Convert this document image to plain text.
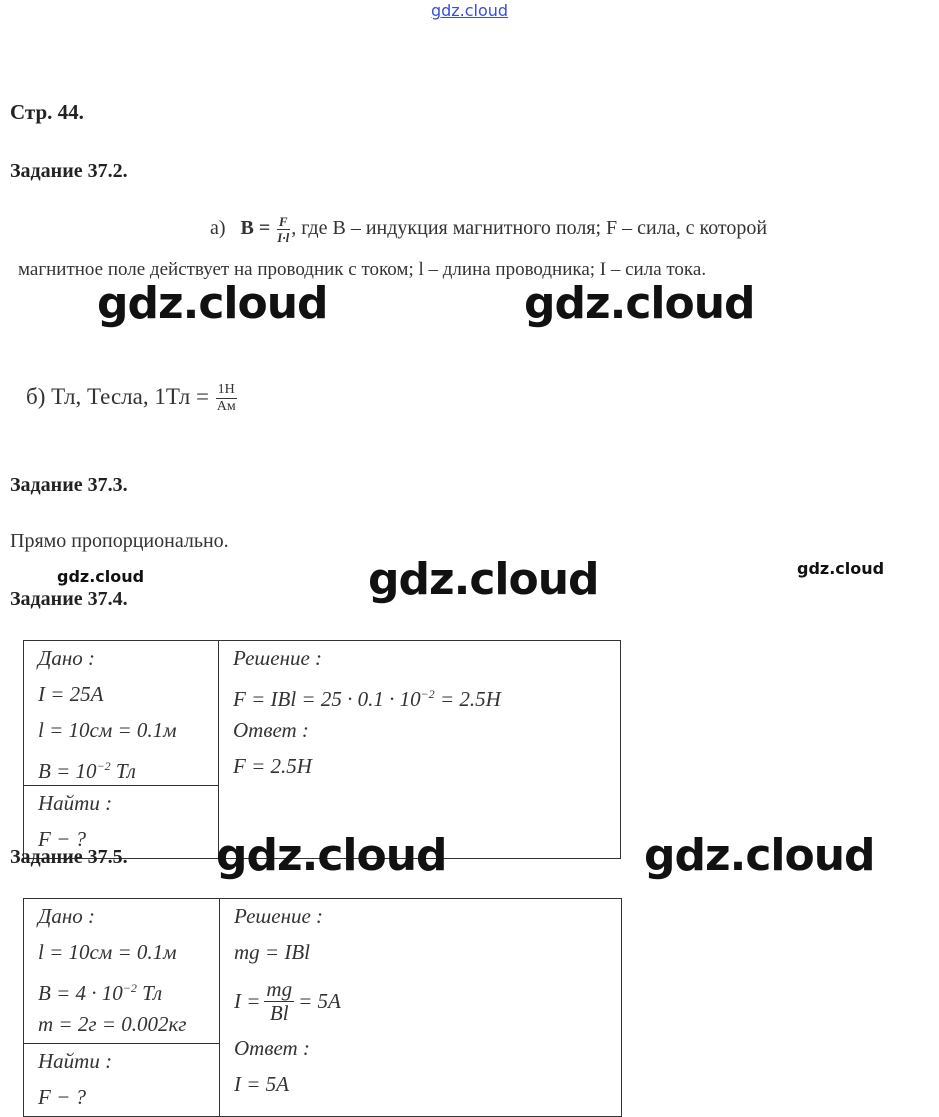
gdz.cloud
Стр. 44.
Задание 37.2.
а) $B = \frac{F}{I\cdot l}$ , где B – индукция магнитного поля; F – сила, с которой
магнитное поле действует на проводник с током; l – длина проводника; I – сила тока.
gdz.cloud	gdz.cloud
б) Тл, Тесла, $1Тл = \frac{1Н}{Ам}$
Задание 37.3.
Прямо пропорционально.
gdz.cloud	gdz.cloud	gdz.cloud
Задание 37.4.
Дано :
I = 25A
l = 10см = 0.1м
$B = 10^{-2}$ Тл

Решение :
F = IBl = $25 \cdot 0.1 \cdot 10^{-2} = 2.5H$
Ответ :
F = 2.5H

Найти :
F − ?
Задание 37.5. gdz.cloud	gdz.cloud
Дано :
l = 10см = 0.1м
$B = 4 \cdot 10^{-2}$ Тл
m = 2г = 0.002кг

Решение :
mg = IBl
$I = \frac{mg}{Bl} = 5A$
Ответ :
I = 5A

Найти :
F − ?
